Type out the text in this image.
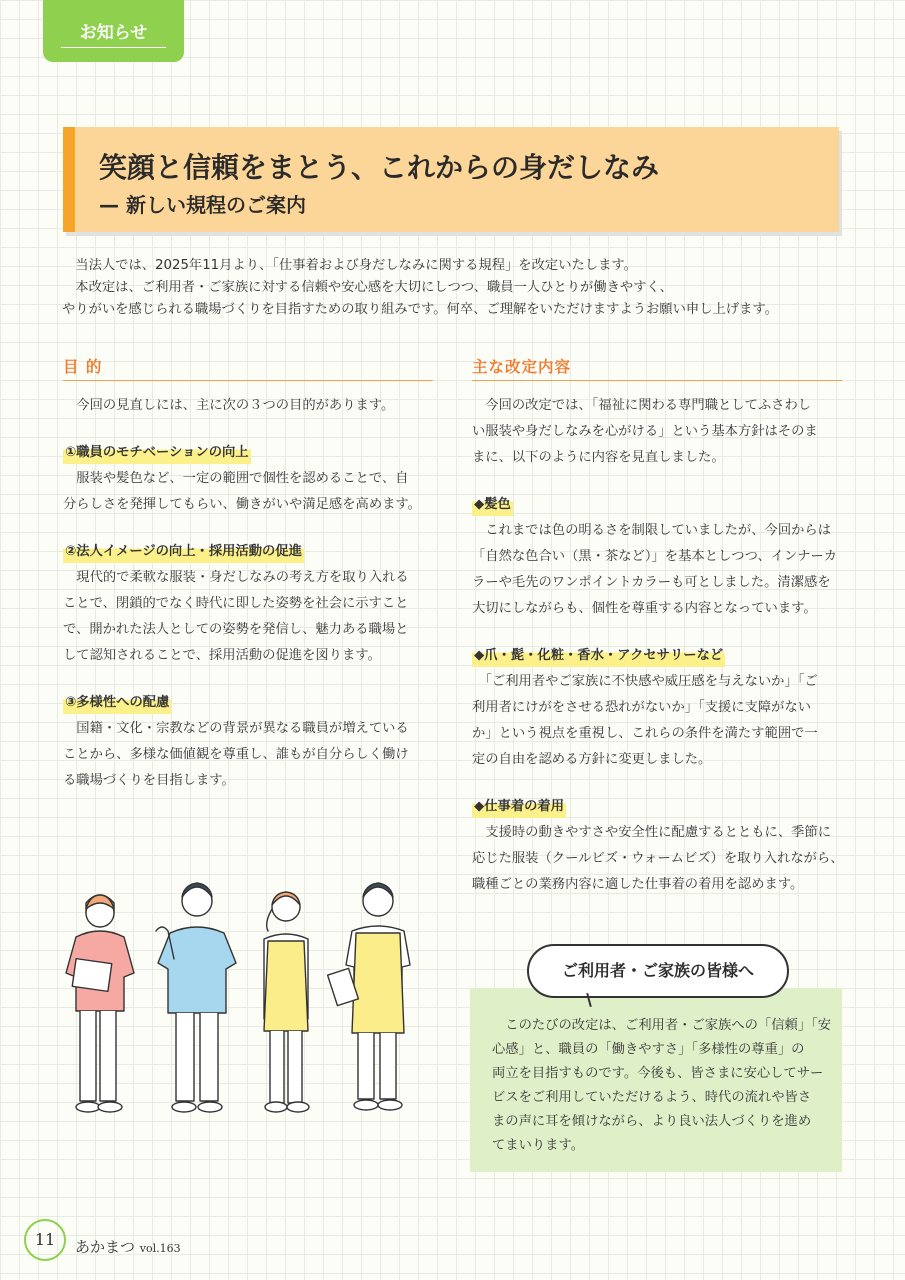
お知らせ
笑顔と信頼をまとう、これからの身だしなみ
— 新しい規程のご案内

　当法人では、2025年11月より、「仕事着および身だしなみに関する規程」を改定いたします。

　本改定は、ご利用者・ご家族に対する信頼や安心感を大切にしつつ、職員一人ひとりが働きやすく、

やりがいを感じられる職場づくりを目指すための取り組みです。何卒、ご理解をいただけますようお願い申し上げます。

目 的

　今回の見直しには、主に次の３つの目的があります。

①職員のモチベーションの向上
　服装や髪色など、一定の範囲で個性を認めることで、自
分らしさを発揮してもらい、働きがいや満足感を高めます。
②法人イメージの向上・採用活動の促進
　現代的で柔軟な服装・身だしなみの考え方を取り入れる
ことで、閉鎖的でなく時代に即した姿勢を社会に示すこと
で、開かれた法人としての姿勢を発信し、魅力ある職場と
して認知されることで、採用活動の促進を図ります。
③多様性への配慮
　国籍・文化・宗教などの背景が異なる職員が増えている
ことから、多様な価値観を尊重し、誰もが自分らしく働け
る職場づくりを目指します。
主な改定内容
　今回の改定では、「福祉に関わる専門職としてふさわし
い服装や身だしなみを心がける」という基本方針はそのま
まに、以下のように内容を見直しました。
◆髪色
　これまでは色の明るさを制限していましたが、今回からは
「自然な色合い（黒・茶など）」を基本としつつ、インナーカ
ラーや毛先のワンポイントカラーも可としました。清潔感を
大切にしながらも、個性を尊重する内容となっています。
◆爪・髭・化粧・香水・アクセサリーなど
　「ご利用者やご家族に不快感や威圧感を与えないか」「ご
利用者にけがをさせる恐れがないか」「支援に支障がない
か」という視点を重視し、これらの条件を満たす範囲で一
定の自由を認める方針に変更しました。
◆仕事着の着用
　支援時の動きやすさや安全性に配慮するとともに、季節に
応じた服装（クールビズ・ウォームビズ）を取り入れながら、
職種ごとの業務内容に適した仕事着の着用を認めます。
　このたびの改定は、ご利用者・ご家族への「信頼」「安
心感」と、職員の「働きやすさ」「多様性の尊重」の
両立を目指すものです。今後も、皆さまに安心してサー
ビスをご利用していただけるよう、時代の流れや皆さ
まの声に耳を傾けながら、より良い法人づくりを進め
てまいります。
ご利用者・ご家族の皆様へ
11	あかまつ vol.163
